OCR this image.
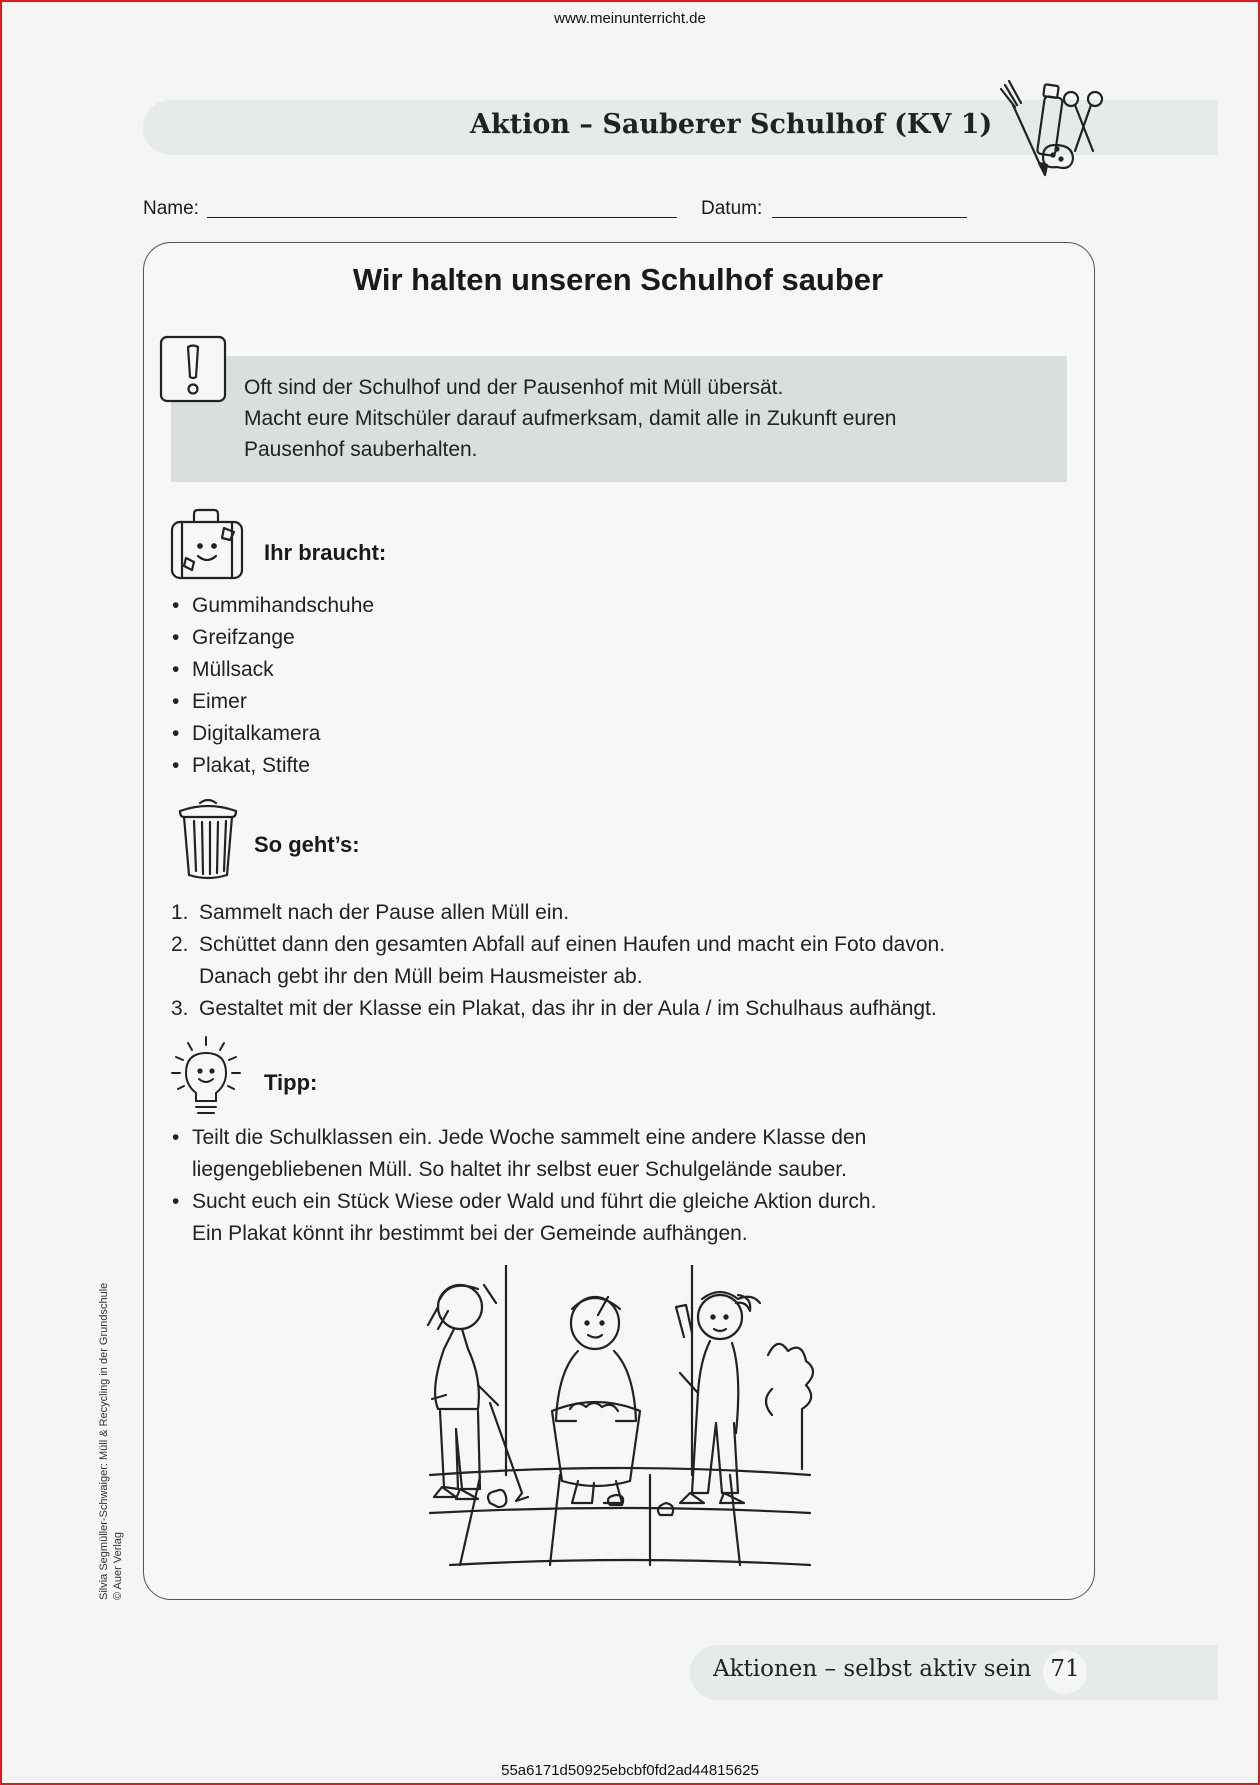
www.meinunterricht.de
Aktion – Sauberer Schulhof (KV 1)
Name:	Datum:
Wir halten unseren Schulhof sauber
Oft sind der Schulhof und der Pausenhof mit Müll übersät.
Macht eure Mitschüler darauf aufmerksam, damit alle in Zukunft euren
Pausenhof sauberhalten.
Ihr braucht:
• Gummihandschuhe
• Greifzange
• Müllsack
• Eimer
• Digitalkamera
• Plakat, Stifte
So geht’s:
1. Sammelt nach der Pause allen Müll ein.
2. Schüttet dann den gesamten Abfall auf einen Haufen und macht ein Foto davon.
Danach gebt ihr den Müll beim Hausmeister ab.
3. Gestaltet mit der Klasse ein Plakat, das ihr in der Aula / im Schulhaus aufhängt.
Tipp:
• Teilt die Schulklassen ein. Jede Woche sammelt eine andere Klasse den
liegengebliebenen Müll. So haltet ihr selbst euer Schulgelände sauber.
• Sucht euch ein Stück Wiese oder Wald und führt die gleiche Aktion durch.
Ein Plakat könnt ihr bestimmt bei der Gemeinde aufhängen.
Silvia Segmüller-Schwaiger: Müll & Recycling in der Grundschule © Auer Verlag
Aktionen – selbst aktiv sein 71
55a6171d50925ebcbf0fd2ad44815625
